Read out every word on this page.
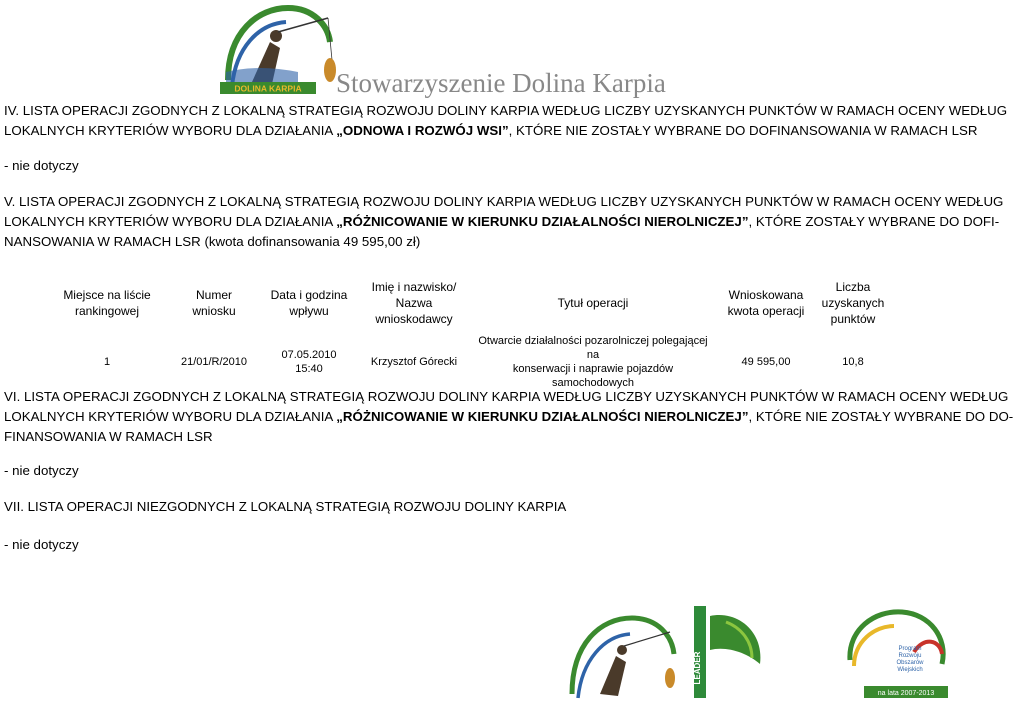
DOLINA KARPIA Stowarzyszenie Dolina Karpia
IV. LISTA OPERACJI ZGODNYCH Z LOKALNĄ STRATEGIĄ ROZWOJU DOLINY KARPIA WEDŁUG LICZBY UZYSKANYCH PUNKTÓW W RAMACH OCENY WEDŁUG
LOKALNYCH KRYTERIÓW WYBORU DLA DZIAŁANIA „ODNOWA I ROZWÓJ WSI”, KTÓRE NIE ZOSTAŁY WYBRANE DO DOFINANSOWANIA W RAMACH LSR
- nie dotyczy
V. LISTA OPERACJI ZGODNYCH Z LOKALNĄ STRATEGIĄ ROZWOJU DOLINY KARPIA WEDŁUG LICZBY UZYSKANYCH PUNKTÓW W RAMACH OCENY WEDŁUG
LOKALNYCH KRYTERIÓW WYBORU DLA DZIAŁANIA „RÓŻNICOWANIE W KIERUNKU DZIAŁALNOŚCI NIEROLNICZEJ”, KTÓRE ZOSTAŁY WYBRANE DO DOFI-
NANSOWANIA W RAMACH LSR (kwota dofinansowania 49 595,00 zł)
Miejsce na liście
rankingowej	Numer
wniosku	Data i godzina
wpływu	Imię i nazwisko/
Nazwa
wnioskodawcy	Tytuł operacji	Wnioskowana
kwota operacji	Liczba
uzyskanych
punktów
1	21/01/R/2010	07.05.2010
15:40	Krzysztof Górecki	Otwarcie działalności pozarolniczej polegającej na
konserwacji i naprawie pojazdów samochodowych	49 595,00	10,8
VI. LISTA OPERACJI ZGODNYCH Z LOKALNĄ STRATEGIĄ ROZWOJU DOLINY KARPIA WEDŁUG LICZBY UZYSKANYCH PUNKTÓW W RAMACH OCENY WEDŁUG
LOKALNYCH KRYTERIÓW WYBORU DLA DZIAŁANIA „RÓŻNICOWANIE W KIERUNKU DZIAŁALNOŚCI NIEROLNICZEJ”, KTÓRE NIE ZOSTAŁY WYBRANE DO DO-
FINANSOWANIA W RAMACH LSR
- nie dotyczy
VII. LISTA OPERACJI NIEZGODNYCH Z LOKALNĄ STRATEGIĄ ROZWOJU DOLINY KARPIA
- nie dotyczy
LEADER
Program
Rozwoju
Obszarów
Wiejskich
na lata 2007-2013
